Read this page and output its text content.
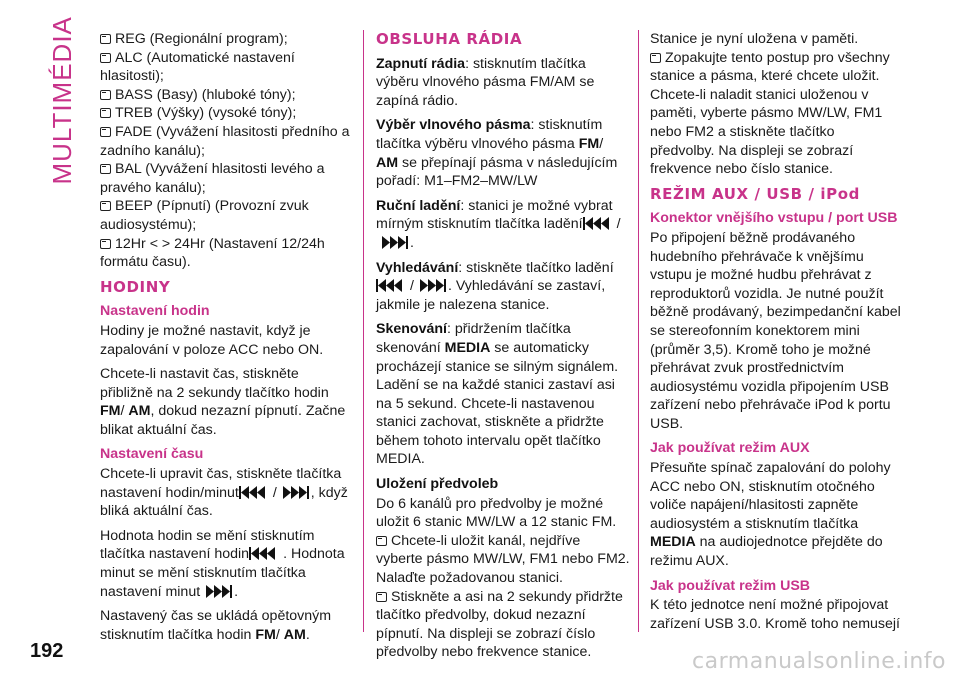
MULTIMÉDIA	REG (Regionální program);

ALC (Automatické nastavení hlasitosti);

BASS (Basy) (hluboké tóny);

TREB (Výšky) (vysoké tóny);

FADE (Vyvážení hlasitosti předního a zadního kanálu);

BAL (Vyvážení hlasitosti levého a pravého kanálu);

BEEP (Pípnutí) (Provozní zvuk audiosystému);

12Hr < > 24Hr (Nastavení 12/24h formátu času).

HODINY
Nastavení hodin

Hodiny je možné nastavit, když je zapalování v poloze ACC nebo ON.

Chcete-li nastavit čas, stiskněte přibližně na 2 sekundy tlačítko hodin FM/ AM, dokud nezazní pípnutí. Začne blikat aktuální čas.

Nastavení času

Chcete-li upravit čas, stiskněte tlačítka nastavení hodin/minut / , když bliká aktuální čas.

Hodnota hodin se mění stisknutím tlačítka nastavení hodin . Hodnota minut se mění stisknutím tlačítka nastavení minut .

Nastavený čas se ukládá opětovným stisknutím tlačítka hodin FM/ AM.

OBSLUHA RÁDIA

Zapnutí rádia: stisknutím tlačítka výběru vlnového pásma FM/AM se zapíná rádio.

Výběr vlnového pásma: stisknutím tlačítka výběru vlnového pásma FM/
AM se přepínají pásma v následujícím pořadí: M1–FM2–MW/LW

Ruční ladění: stanici je možné vybrat mírným stisknutím tlačítka ladění /
.

Vyhledávání: stiskněte tlačítko ladění

/ . Vyhledávání se zastaví, jakmile je nalezena stanice.

Skenování: přidržením tlačítka skenování MEDIA se automaticky procházejí stanice se silným signálem. Ladění se na každé stanici zastaví asi na 5 sekund. Chcete-li nastavenou stanici zachovat, stiskněte a přidržte během tohoto intervalu opět tlačítko MEDIA.

Uložení předvoleb

Do 6 kanálů pro předvolby je možné uložit 6 stanic MW/LW a 12 stanic FM.

Chcete-li uložit kanál, nejdříve vyberte pásmo MW/LW, FM1 nebo FM2. Nalaďte požadovanou stanici.

Stiskněte a asi na 2 sekundy přidržte tlačítko předvolby, dokud nezazní pípnutí. Na displeji se zobrazí číslo předvolby nebo frekvence stanice.

Stanice je nyní uložena v paměti.

Zopakujte tento postup pro všechny stanice a pásma, které chcete uložit.

Chcete-li naladit stanici uloženou v paměti, vyberte pásmo MW/LW, FM1 nebo FM2 a stiskněte tlačítko předvolby. Na displeji se zobrazí frekvence nebo číslo stanice.

REŽIM AUX / USB / iPod
Konektor vnějšího vstupu / port USB

Po připojení běžně prodávaného hudebního přehrávače k vnějšímu vstupu je možné hudbu přehrávat z reproduktorů vozidla. Je nutné použít běžně prodávaný, bezimpedanční kabel se stereofonním konektorem mini (průměr 3,5). Kromě toho je možné přehrávat zvuk prostřednictvím audiosystému vozidla připojením USB zařízení nebo přehrávače iPod k portu USB.

Jak používat režim AUX

Přesuňte spínač zapalování do polohy ACC nebo ON, stisknutím otočného voliče napájení/hlasitosti zapněte audiosystém a stisknutím tlačítka
MEDIA na audiojednotce přejděte do režimu AUX.

Jak používat režim USB

K této jednotce není možné připojovat zařízení USB 3.0. Kromě toho nemusejí

192	carmanualsonline.info
